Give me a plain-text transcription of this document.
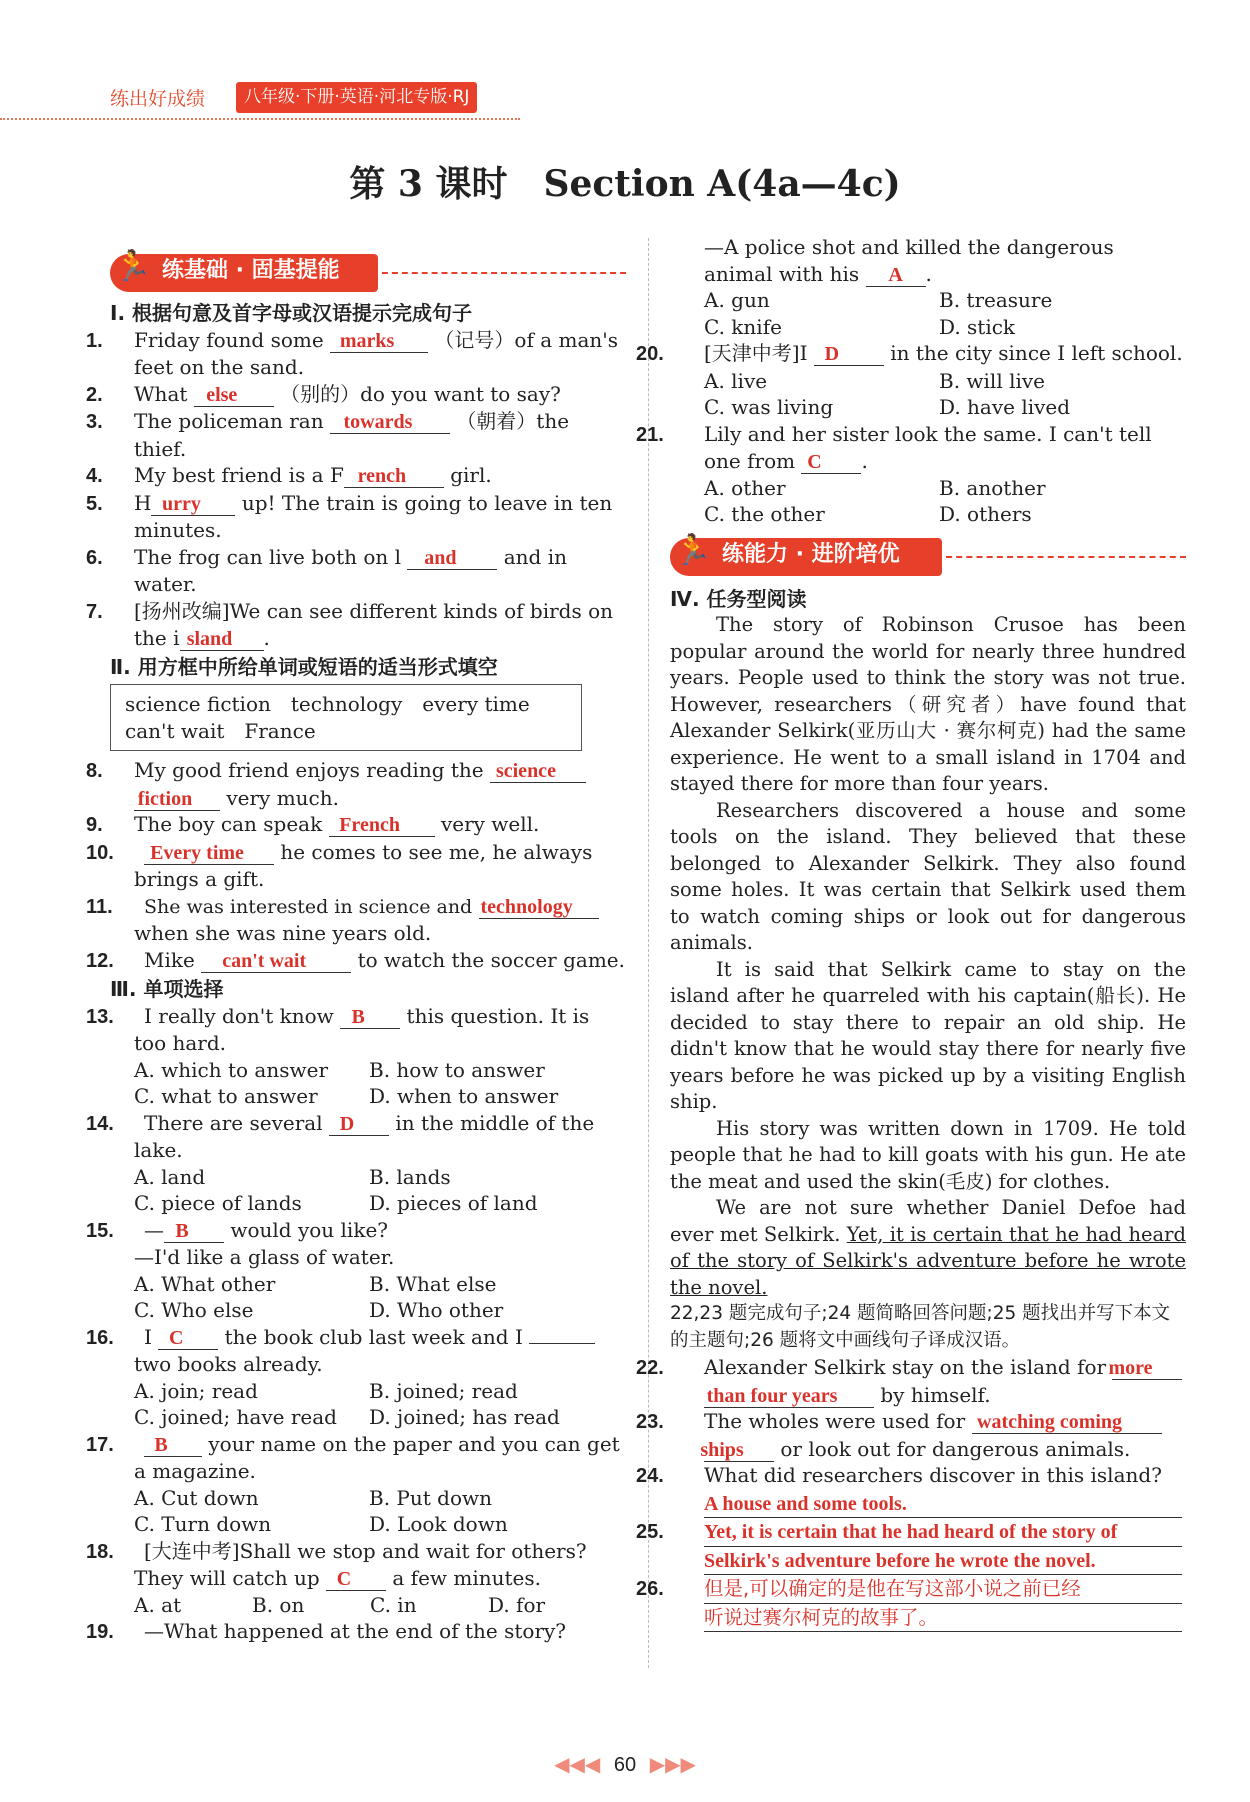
练出好成绩	八年级·下册·英语·河北专版·RJ
第 3 课时　Section A(4a—4c)
🏃 练基础 · 固基提能
Ⅰ. 根据句意及首字母或汉语提示完成句子
1. Friday found some marks （记号）of a man's feet on the sand.
2. What else （别的）do you want to say?
3. The policeman ran towards （朝着）the thief.
4. My best friend is a F rench girl.
5. H urry up! The train is going to leave in ten minutes.
6. The frog can live both on l and and in water.
7. [扬州改编]We can see different kinds of birds on the i sland .
Ⅱ. 用方框中所给单词或短语的适当形式填空
science fiction　technology　every time
can't wait　France
8. My good friend enjoys reading the science
fiction very much.
9. The boy can speak French very well.
10. Every time he comes to see me, he always brings a gift.
11. She was interested in science and technology when she was nine years old.
12. Mike can't wait	to watch the soccer game.
Ⅲ. 单项选择
13. I really don't know B this question. It is too hard.
A. which to answer	B. how to answer
C. what to answer	D. when to answer
14. There are several D in the middle of the lake.
A. land	B. lands
C. piece of lands	D. pieces of land
15. — B would you like?
—I'd like a glass of water.
A. What other	B. What else
C. Who else	D. Who other
16. I C the book club last week and I
two books already.
A. join; read	B. joined; read
C. joined; have read	D. joined; has read
17. B your name on the paper and you can get a magazine.
A. Cut down	B. Put down
C. Turn down	D. Look down
18. [大连中考]Shall we stop and wait for others? They will catch up C a few minutes.
A. at	B. on	C. in	D. for
19. —What happened at the end of the story?
—A police shot and killed the dangerous animal with his A .
A. gun	B. treasure
C. knife	D. stick
20. [天津中考]I D	in the city since I left school.
A. live	B. will live
C. was living	D. have lived
21. Lily and her sister look the same. I can't tell one from C .
A. other	B. another
C. the other	D. others
🏃 练能力 · 进阶培优
Ⅳ. 任务型阅读

The story of Robinson Crusoe has been popular around the world for nearly three hundred years. People used to think the story was not true. However, researchers（研究者）have found that Alexander Selkirk(亚历山大 · 赛尔柯克) had the same experience. He went to a small island in 1704 and stayed there for more than four years.

Researchers discovered a house and some tools on the island. They believed that these belonged to Alexander Selkirk. They also found some holes. It was certain that Selkirk used them to watch coming ships or look out for dangerous animals.

It is said that Selkirk came to stay on the island after he quarreled with his captain(船长). He decided to stay there to repair an old ship. He didn't know that he would stay there for nearly five years before he was picked up by a visiting English ship.

His story was written down in 1709. He told people that he had to kill goats with his gun. He ate the meat and used the skin(毛皮) for clothes.

We are not sure whether Daniel Defoe had ever met Selkirk. Yet, it is certain that he had heard of the story of Selkirk's adventure before he wrote the novel.

22,23 题完成句子;24 题简略回答问题;25 题找出并写下本文的主题句;26 题将文中画线句子译成汉语。
22. Alexander Selkirk stay on the island for more
than four years by himself.
23. The wholes were used for watching coming
ships or look out for dangerous animals.
24. What did researchers discover in this island?
A house and some tools.
25. Yet, it is certain that he had heard of the story of
Selkirk's adventure before he wrote the novel.
26. 但是,可以确定的是他在写这部小说之前已经
听说过赛尔柯克的故事了。
◀◀◀ 60 ▶▶▶
